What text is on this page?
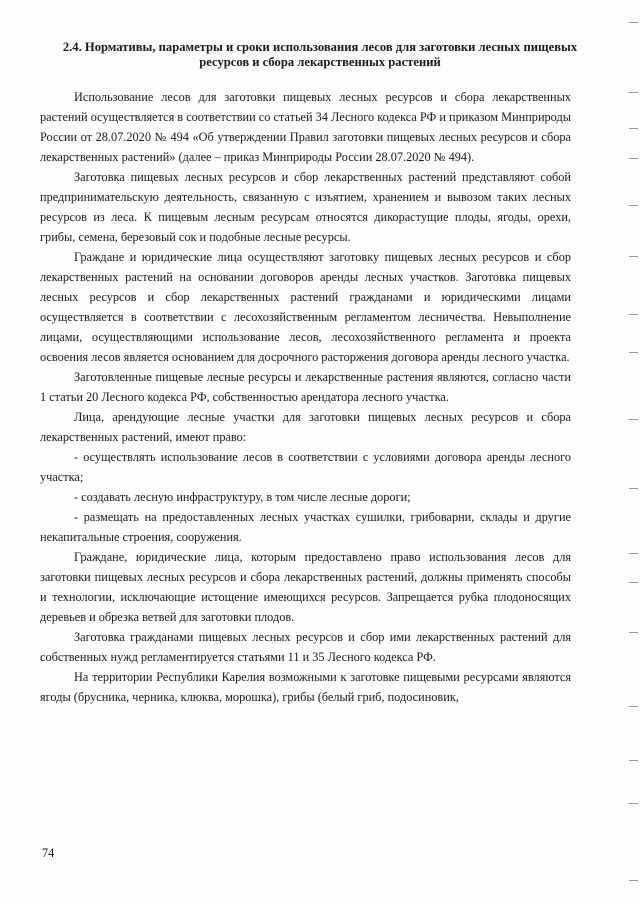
2.4. Нормативы, параметры и сроки использования лесов для заготовки лесных пищевых ресурсов и сбора лекарственных растений

Использование лесов для заготовки пищевых лесных ресурсов и сбора лекарственных растений осуществляется в соответствии со статьей 34 Лесного кодекса РФ и приказом Минприроды России от 28.07.2020 № 494 «Об утверждении Правил заготовки пищевых лесных ресурсов и сбора лекарственных растений» (далее – приказ Минприроды России 28.07.2020 № 494).

Заготовка пищевых лесных ресурсов и сбор лекарственных растений представляют собой предпринимательскую деятельность, связанную с изъятием, хранением и вывозом таких лесных ресурсов из леса. К пищевым лесным ресурсам относятся дикорастущие плоды, ягоды, орехи, грибы, семена, березовый сок и подобные лесные ресурсы.

Граждане и юридические лица осуществляют заготовку пищевых лесных ресурсов и сбор лекарственных растений на основании договоров аренды лесных участков. Заготовка пищевых лесных ресурсов и сбор лекарственных растений гражданами и юридическими лицами осуществляется в соответствии с лесохозяйственным регламентом лесничества. Невыполнение лицами, осуществляющими использование лесов, лесохозяйственного регламента и проекта освоения лесов является основанием для досрочного расторжения договора аренды лесного участка.

Заготовленные пищевые лесные ресурсы и лекарственные растения являются, согласно части 1 статьи 20 Лесного кодекса РФ, собственностью арендатора лесного участка.

Лица, арендующие лесные участки для заготовки пищевых лесных ресурсов и сбора лекарственных растений, имеют право:

- осуществлять использование лесов в соответствии с условиями договора аренды лесного участка;

- создавать лесную инфраструктуру, в том числе лесные дороги;

- размещать на предоставленных лесных участках сушилки, грибоварни, склады и другие некапитальные строения, сооружения.

Граждане, юридические лица, которым предоставлено право использования лесов для заготовки пищевых лесных ресурсов и сбора лекарственных растений, должны применять способы и технологии, исключающие истощение имеющихся ресурсов. Запрещается рубка плодоносящих деревьев и обрезка ветвей для заготовки плодов.

Заготовка гражданами пищевых лесных ресурсов и сбор ими лекарственных растений для собственных нужд регламентируется статьями 11 и 35 Лесного кодекса РФ.

На территории Республики Карелия возможными к заготовке пищевыми ресурсами являются ягоды (брусника, черника, клюква, морошка), грибы (белый гриб, подосиновик,

74
